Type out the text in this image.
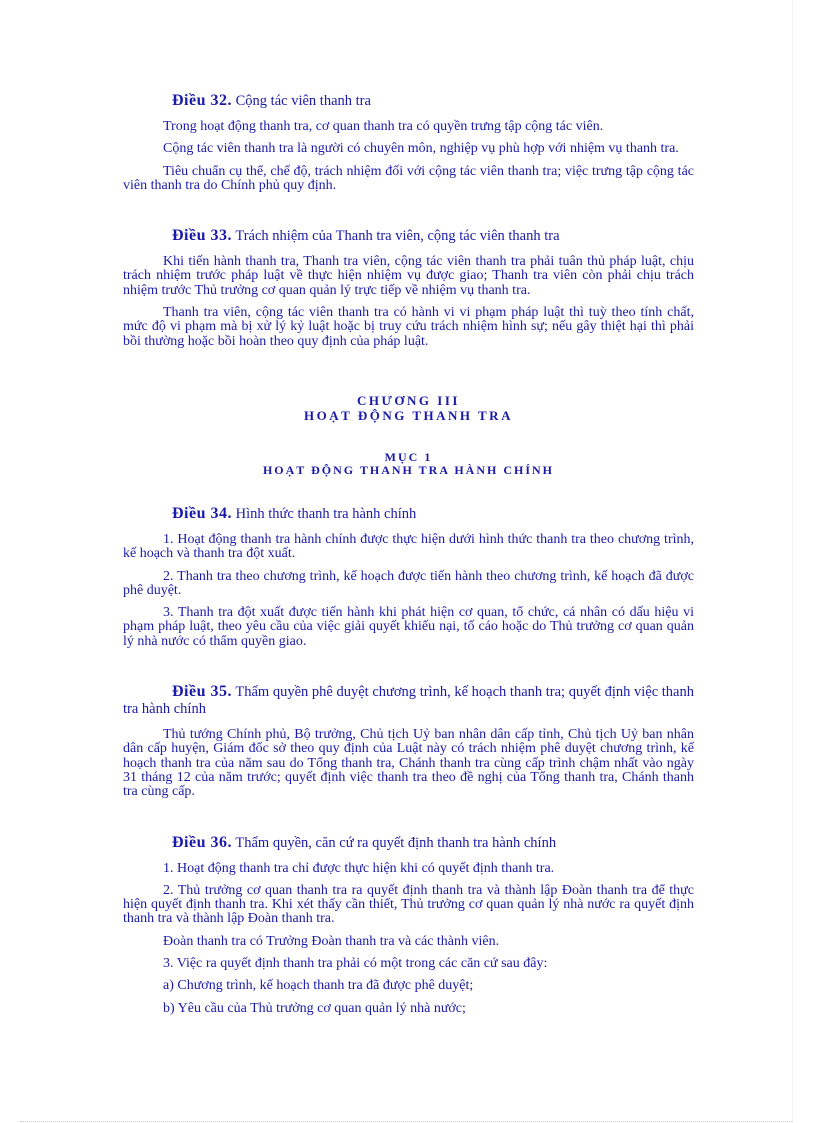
Điều 32. Cộng tác viên thanh tra

Trong hoạt động thanh tra, cơ quan thanh tra có quyền trưng tập cộng tác viên.

Cộng tác viên thanh tra là người có chuyên môn, nghiệp vụ phù hợp với nhiệm vụ thanh tra.

Tiêu chuẩn cụ thể, chế độ, trách nhiệm đối với cộng tác viên thanh tra; việc trưng tập cộng tác viên thanh tra do Chính phủ quy định.

Điều 33. Trách nhiệm của Thanh tra viên, cộng tác viên thanh tra

Khi tiến hành thanh tra, Thanh tra viên, cộng tác viên thanh tra phải tuân thủ pháp luật, chịu trách nhiệm trước pháp luật về thực hiện nhiệm vụ được giao; Thanh tra viên còn phải chịu trách nhiệm trước Thủ trưởng cơ quan quản lý trực tiếp về nhiệm vụ thanh tra.

Thanh tra viên, cộng tác viên thanh tra có hành vi vi phạm pháp luật thì tuỳ theo tính chất, mức độ vi phạm mà bị xử lý kỷ luật hoặc bị truy cứu trách nhiệm hình sự; nếu gây thiệt hại thì phải bồi thường hoặc bồi hoàn theo quy định của pháp luật.

CHƯƠNG III

HOẠT ĐỘNG THANH TRA

MỤC 1

HOẠT ĐỘNG THANH TRA HÀNH CHÍNH

Điều 34. Hình thức thanh tra hành chính

1. Hoạt động thanh tra hành chính được thực hiện dưới hình thức thanh tra theo chương trình, kế hoạch và thanh tra đột xuất.

2. Thanh tra theo chương trình, kế hoạch được tiến hành theo chương trình, kế hoạch đã được phê duyệt.

3. Thanh tra đột xuất được tiến hành khi phát hiện cơ quan, tổ chức, cá nhân có dấu hiệu vi phạm pháp luật, theo yêu cầu của việc giải quyết khiếu nại, tố cáo hoặc do Thủ trưởng cơ quan quản lý nhà nước có thẩm quyền giao.

Điều 35. Thẩm quyền phê duyệt chương trình, kế hoạch thanh tra; quyết định việc thanh tra hành chính

Thủ tướng Chính phủ, Bộ trưởng, Chủ tịch Uỷ ban nhân dân cấp tỉnh, Chủ tịch Uỷ ban nhân dân cấp huyện, Giám đốc sở theo quy định của Luật này có trách nhiệm phê duyệt chương trình, kế hoạch thanh tra của năm sau do Tổng thanh tra, Chánh thanh tra cùng cấp trình chậm nhất vào ngày 31 tháng 12 của năm trước; quyết định việc thanh tra theo đề nghị của Tổng thanh tra, Chánh thanh tra cùng cấp.

Điều 36. Thẩm quyền, căn cứ ra quyết định thanh tra hành chính

1. Hoạt động thanh tra chỉ được thực hiện khi có quyết định thanh tra.

2. Thủ trưởng cơ quan thanh tra ra quyết định thanh tra và thành lập Đoàn thanh tra để thực hiện quyết định thanh tra. Khi xét thấy cần thiết, Thủ trưởng cơ quan quản lý nhà nước ra quyết định thanh tra và thành lập Đoàn thanh tra.

Đoàn thanh tra có Trưởng Đoàn thanh tra và các thành viên.

3. Việc ra quyết định thanh tra phải có một trong các căn cứ sau đây:

a) Chương trình, kế hoạch thanh tra đã được phê duyệt;

b) Yêu cầu của Thủ trưởng cơ quan quản lý nhà nước;
